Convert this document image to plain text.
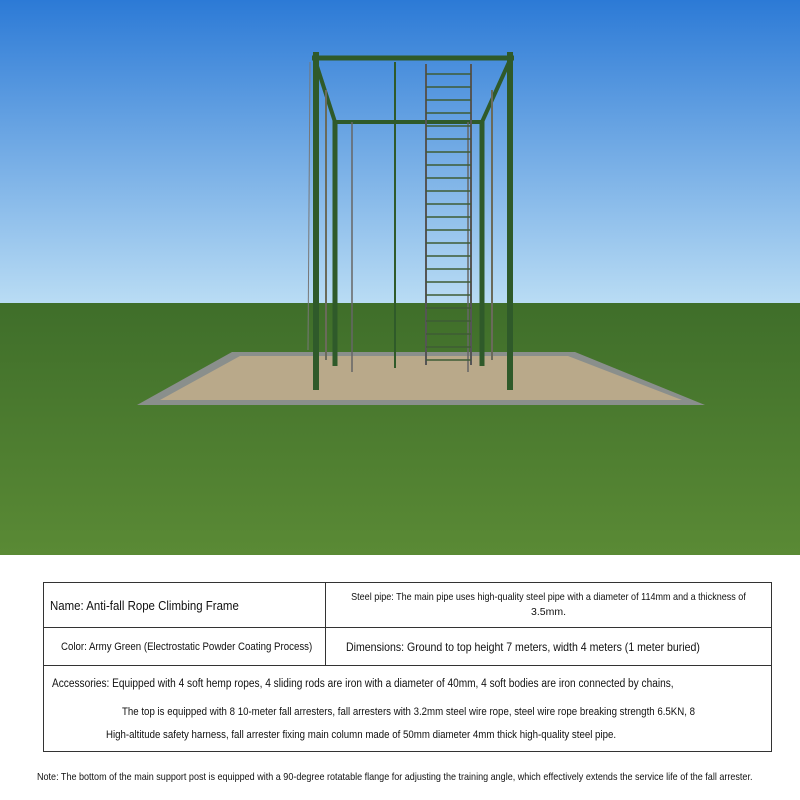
Name: Anti-fall Rope Climbing Frame
Steel pipe: The main pipe uses high-quality steel pipe with a diameter of 114mm and a thickness of
3.5mm.
Color: Army Green (Electrostatic Powder Coating Process)	Dimensions: Ground to top height 7 meters, width 4 meters (1 meter buried)
Accessories: Equipped with 4 soft hemp ropes, 4 sliding rods are iron with a diameter of 40mm, 4 soft bodies are iron connected by chains,
The top is equipped with 8 10-meter fall arresters, fall arresters with 3.2mm steel wire rope, steel wire rope breaking strength 6.5KN, 8
High-altitude safety harness, fall arrester fixing main column made of 50mm diameter 4mm thick high-quality steel pipe.
Note: The bottom of the main support post is equipped with a 90-degree rotatable flange for adjusting the training angle, which effectively extends the service life of the fall arrester.
